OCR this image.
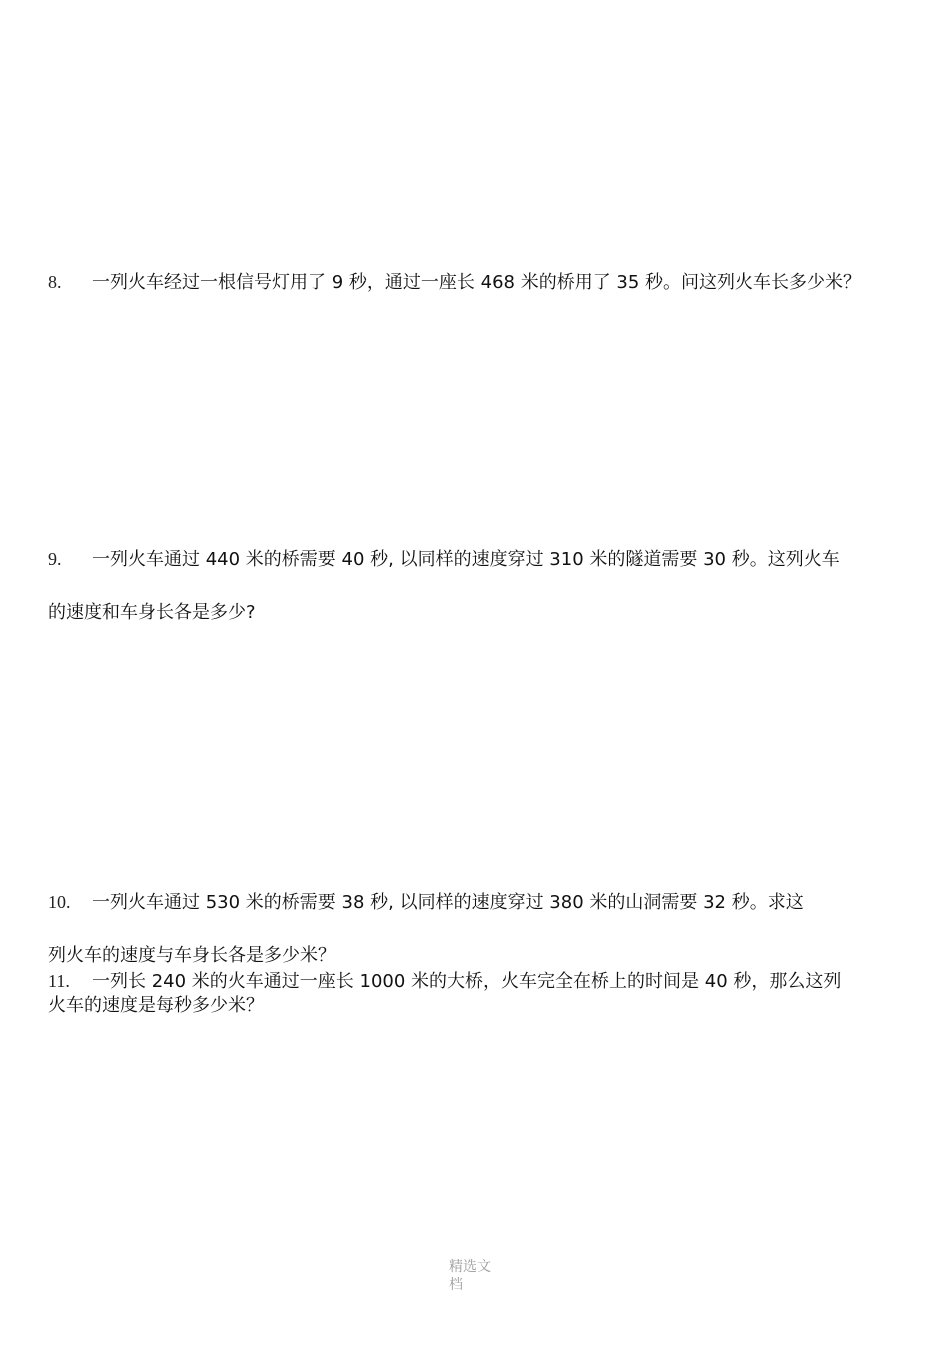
8. 一列火车经过一根信号灯用了 9 秒，通过一座长 468 米的桥用了 35 秒。问这列火车长多少米？
9. 一列火车通过 440 米的桥需要 40 秒, 以同样的速度穿过 310 米的隧道需要 30 秒。这列火车
的速度和车身长各是多少?
10. 一列火车通过 530 米的桥需要 38 秒, 以同样的速度穿过 380 米的山洞需要 32 秒。求这
列火车的速度与车身长各是多少米？
11. 一列长 240 米的火车通过一座长 1000 米的大桥，火车完全在桥上的时间是 40 秒，那么这列
火车的速度是每秒多少米？
精选文档
